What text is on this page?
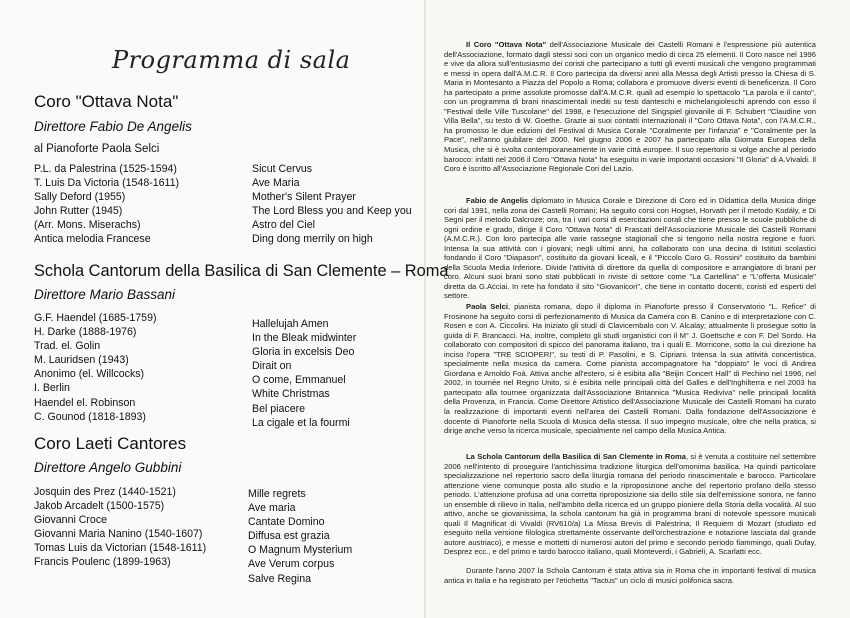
Programma di sala
Coro "Ottava Nota"
Direttore Fabio De Angelis
al Pianoforte Paola Selci
P.L. da Palestrina (1525-1594)
T. Luis Da Victoria (1548-1611)
Sally Deford (1955)
John Rutter (1945)
(Arr. Mons. Miserachs)
Antica melodia Francese
Sicut Cervus
Ave Maria
Mother's Silent Prayer
The Lord Bless you and Keep you
Astro del Ciel
Ding dong merrily on high
Schola Cantorum della Basilica di San Clemente – Roma
Direttore Mario Bassani
G.F. Haendel (1685-1759)
H. Darke (1888-1976)
Trad. el. Golin
M. Lauridsen (1943)
Anonimo (el. Willcocks)
I. Berlin
Haendel el. Robinson
C. Gounod (1818-1893)
Hallelujah Amen
In the Bleak midwinter
Gloria in excelsis Deo
Dirait on
O come, Emmanuel
White Christmas
Bel piacere
La cigale et la fourmi
Coro Laeti Cantores
Direttore Angelo Gubbini
Josquin des Prez (1440-1521)
Jakob Arcadelt (1500-1575)
Giovanni Croce
Giovanni Maria Nanino (1540-1607)
Tomas Luis da Victorian (1548-1611)
Francis Poulenc (1899-1963)
Mille regrets
Ave maria
Cantate Domino
Diffusa est grazia
O Magnum Mysterium
Ave Verum corpus
Salve Regina

Il Coro "Ottava Nota" dell'Associazione Musicale dei Castelli Romani è l'espressione più autentica dell'Associazione, formato dagli stessi soci con un organico medio di circa 25 elementi. Il Coro nasce nel 1996 e vive da allora sull'entusiasmo dei coristi che partecipano a tutti gli eventi musicali che vengono programmati e messi in opera dall'A.M.C.R. Il Coro partecipa da diversi anni alla Messa degli Artisti presso la Chiesa di S. Maria in Montesanto a Piazza del Popolo a Roma; collabora e promuove diversi eventi di beneficenza. Il Coro ha partecipato a prime assolute promosse dall'A.M.C.R. quali ad esempio lo spettacolo "La parola e il canto", con un programma di brani rinascimentali inediti su testi danteschi e michelangioleschi aprendo con esso il "Festival delle Ville Tuscolane" del 1998, e l'esecuzione del Singspiel giovanile di F. Schubert "Claudine von Villa Bella", su testo di W. Goethe. Grazie ai suoi contatti internazionali il "Coro Ottava Nota", con l'A.M.C.R., ha promosso le due edizioni del Festival di Musica Corale "Coralmente per l'infanzia" e "Coralmente per la Pace", nell'anno giubilare del 2000. Nel giugno 2006 e 2007 ha partecipato alla Giornata Europea della Musica, che si è svolta contemporaneamente in varie città europee. Il suo repertorio si volge anche al periodo barocco: infatti nel 2006 il Coro "Ottava Nota" ha eseguito in varie importanti occasioni "Il Gloria" di A.Vivaldi. Il Coro è iscritto all'Associazione Regionale Cori del Lazio.

Fabio de Angelis diplomato in Musica Corale e Direzione di Coro ed in Didattica della Musica dirige cori dal 1991, nella zona dei Castelli Romani; Ha seguito corsi con Hogset, Horvath per il metodo Kodály, e Di Segni per il metodo Dalcroze; ora, tra i vari corsi di esercitazioni corali che tiene presso le scuole pubbliche di ogni ordine e grado, dirige il Coro "Ottava Nota" di Frascati dell'Associazione Musicale dei Castelli Romani (A.M.C.R.). Con loro partecipa alle varie rassegne stagionali che si tengono nella nostra regione e fuori. Intensa la sua attività con i giovani; negli ultimi anni, ha collaborato con una decina di Istituti scolastici fondando il Coro "Diapason", costituito da giovani liceali, e il "Piccolo Coro G. Rossini" costituito da bambini della Scuola Media Inferiore. Divide l'attività di direttore da quella di compositore e arrangiatore di brani per coro. Alcuni suoi brani sono stati pubblicati in riviste di settore come "La Cartellina" e "L'offerta Musicale" diretta da G.Acciai. In rete ha fondato il sito "Giovanicori", che tiene in contatto docenti, coristi ed esperti del settore.

Paola Selci, pianista romana, dopo il diploma in Pianoforte presso il Conservatorio "L. Refice" di Frosinone ha seguito corsi di perfezionamento di Musica da Camera con B. Canino e di interpretazione con C. Rosen e con A. Ciccolini. Ha iniziato gli studi di Clavicembalo con V. Alcalay; attualmente li prosegue sotto la guida di F. Brancacci. Ha, inoltre, completo gli studi organistici con il M° J. Goettsche e con F. Del Sordo. Ha collaborato con compositori di spicco del panorama italiano, tra i quali E. Morricone, sotto la cui direzione ha inciso l'opera "TRE SCIOPERI", su testi di P. Pasolini, e S. Cipriani. Intensa la sua attività concertistica, specialmente nella musica da camera. Come pianista accompagnatore ha "doppiato" le voci di Andrea Giordana e Arnoldo Foà. Attiva anche all'estero, si è esibita alla "Beijin Concert Hall" di Pechino nel 1996, nel 2002, in tournée nel Regno Unito, si è esibita nelle principali città del Galles e dell'Inghilterra e nel 2003 ha partecipato alla tournee organizzata dall'Associazione Britannica "Musica Rediviva" nelle principali località della Provenza, in Francia. Come Direttore Artistico dell'Associazione Musicale dei Castelli Romani ha curato la realizzazione di importanti eventi nell'area dei Castelli Romani. Dalla fondazione dell'Associazione è docente di Pianoforte nella Scuola di Musica della stessa. Il suo impegno musicale, oltre che nella pratica, si dirige anche verso la ricerca musicale, specialmente nel campo della Musica Antica.

La Schola Cantorum della Basilica di San Clemente in Roma, si è venuta a costituire nel settembre 2006 nell'intento di proseguire l'antichissima tradizione liturgica dell'omonima basilica. Ha quindi particolare specializzazione nel repertorio sacro della liturgia romana del periodo rinascimentale e barocco. Particolare attenzione viene comunque posta allo studio e la riproposizione anche del repertorio profano dello stesso periodo. L'attenzione profusa ad una corretta riproposizione sia dello stile sia dell'emissione sonora, ne fanno un ensemble di rilievo in Italia, nell'ambito della ricerca ed un gruppo pioniere della Storia della vocalità. Al suo attivo, anche se giovanissima, la schola cantorum ha già in programma brani di notevole spessore musicali quali Il Magnificat di Vivaldi (RV610/a) La Missa Brevis di Palestrina, Il Requiem di Mozart (studiato ed eseguito nella versione filologica strettamente osservante dell'orchestrazione e notazione lasciata dal grande autore austriaco), e messe e mottetti di numerosi autori del primo e secondo periodo fiammingo, quali Dufay, Desprez ecc., e del primo e tardo barocco italiano, quali Monteverdi, i Gabrieli, A. Scarlatti ecc.

Durante l'anno 2007 la Schola Cantorum è stata attiva sia in Roma che in importanti festival di musica antica in Italia e ha registrato per l'etichetta "Tactus" un ciclo di musici polifonica sacra.
